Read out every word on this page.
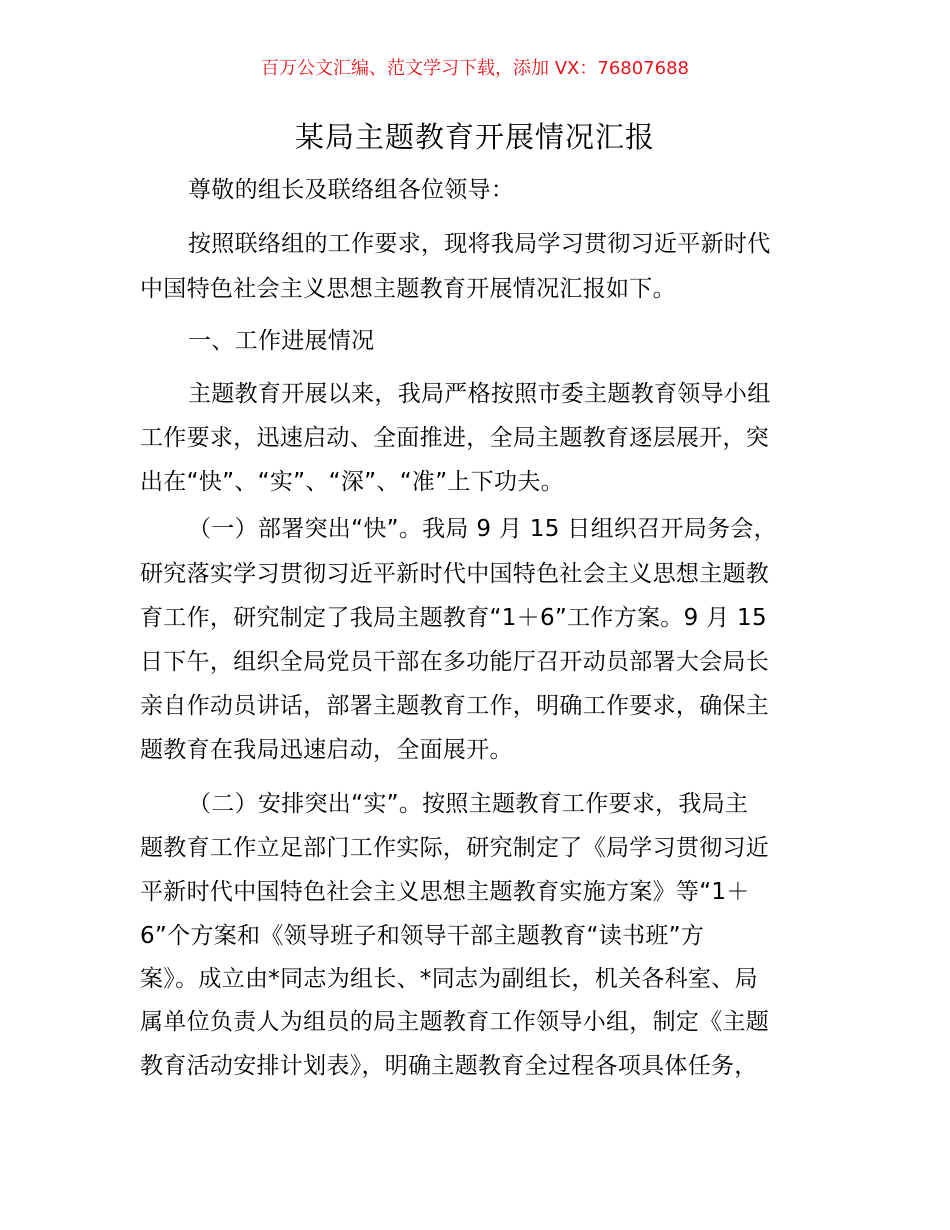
百万公文汇编、范文学习下载，添加 VX：76807688
某局主题教育开展情况汇报
尊敬的组长及联络组各位领导：
按照联络组的工作要求，现将我局学习贯彻习近平新时代
中国特色社会主义思想主题教育开展情况汇报如下。
一、工作进展情况
主题教育开展以来，我局严格按照市委主题教育领导小组
工作要求，迅速启动、全面推进，全局主题教育逐层展开，突
出在“快”、“实”、“深”、“准”上下功夫。
（一）部署突出“快”。我局 9 月 15 日组织召开局务会，
研究落实学习贯彻习近平新时代中国特色社会主义思想主题教
育工作，研究制定了我局主题教育“1＋6”工作方案。9 月 15
日下午，组织全局党员干部在多功能厅召开动员部署大会局长
亲自作动员讲话，部署主题教育工作，明确工作要求，确保主
题教育在我局迅速启动，全面展开。
（二）安排突出“实”。按照主题教育工作要求，我局主
题教育工作立足部门工作实际，研究制定了《局学习贯彻习近
平新时代中国特色社会主义思想主题教育实施方案》等“1＋
6”个方案和《领导班子和领导干部主题教育“读书班”方
案》。成立由*同志为组长、*同志为副组长，机关各科室、局
属单位负责人为组员的局主题教育工作领导小组，制定《主题
教育活动安排计划表》，明确主题教育全过程各项具体任务，
